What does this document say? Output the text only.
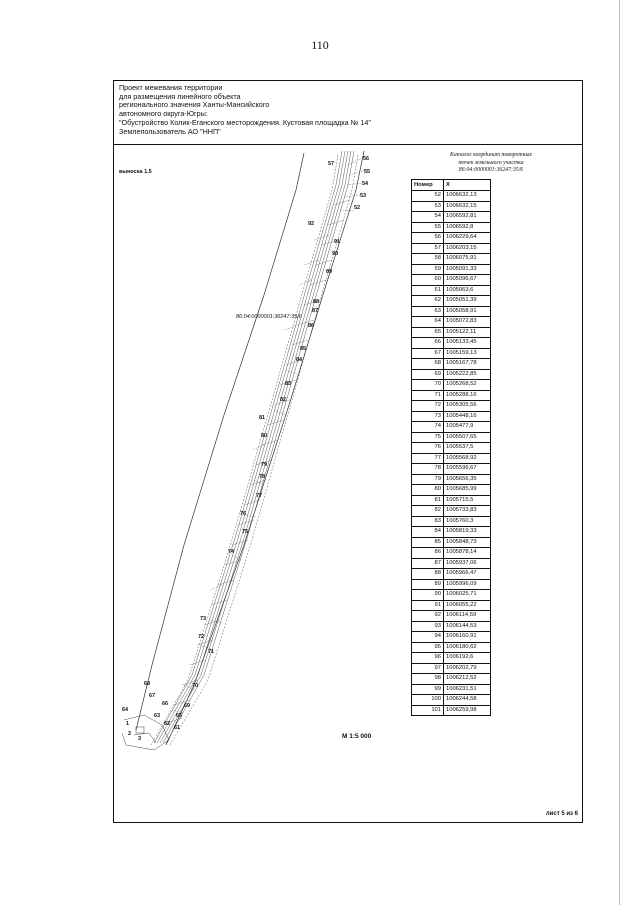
110
Проект межевания территории
для размещения линейного объекта
регионального значения Ханты-Мансийского
автономного округа-Югры:
"Обустройство Колик-Еганского месторождения. Кустовая площадка № 14"
Землепользователь АО "ННП"
выноска 1.5
86:04:0000001:36247:35/6
57
56
55
54
53
52
92
91
90
89
88
87
86
85
84
83
82
81
80
79
78
77
76
75
74
73
72
71
70
69
68
67
66
65
64
63
62
61
1
2
3	М 1:5 000
Каталог координат поворотных
точек земельного участка
86:04:0000001:36247:35/6
Номер	X
52	1006632,13
53	1006632,15
54	1006592,81
55	1006592,8
56	1006229,64
57	1006203,15
58	1006075,91
59	1005091,33
60	1005096,67
61	1005063,6
62	1005051,39
63	1005058,91
64	1005072,83
65	1005122,11
66	1005133,45
67	1005159,13
68	1005167,78
69	1005222,85
70	1005268,52
71	1005288,16
72	1005305,56
73	1005448,16
74	1005477,9
75	1005507,65
76	1005537,5
77	1005568,92
78	1005596,67
79	1005656,35
80	1005685,99
81	1005715,5
82	1005733,83
83	1005760,3
84	1005819,33
85	1005848,73
86	1005878,14
87	1005937,06
88	1005966,47
89	1005996,09
90	1006025,71
91	1006055,22
92	1006114,59
93	1006144,53
94	1006160,91
95	1006180,62
96	1006192,6
97	1006202,79
98	1006212,52
99	1006231,51
100	1006244,58
101	1006259,98
лист 5 из 6
